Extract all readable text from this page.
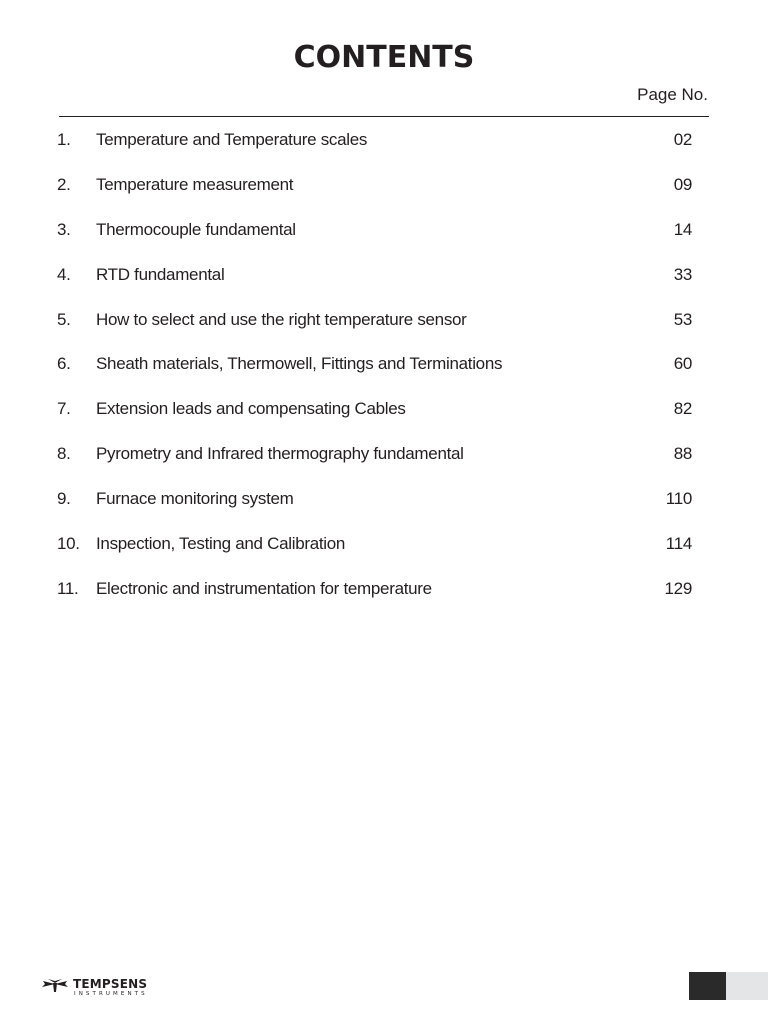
CONTENTS
Page No.
1. Temperature and Temperature scales	02
2. Temperature measurement	09
3. Thermocouple fundamental	14
4. RTD fundamental	33
5. How to select and use the right temperature sensor	53
6. Sheath materials, Thermowell, Fittings and Terminations	60
7. Extension leads and compensating Cables	82
8. Pyrometry and Infrared thermography fundamental	88
9. Furnace monitoring system	110
10. Inspection, Testing and Calibration	114
11. Electronic and instrumentation for temperature	129
TEMPSENS
INSTRUMENTS
